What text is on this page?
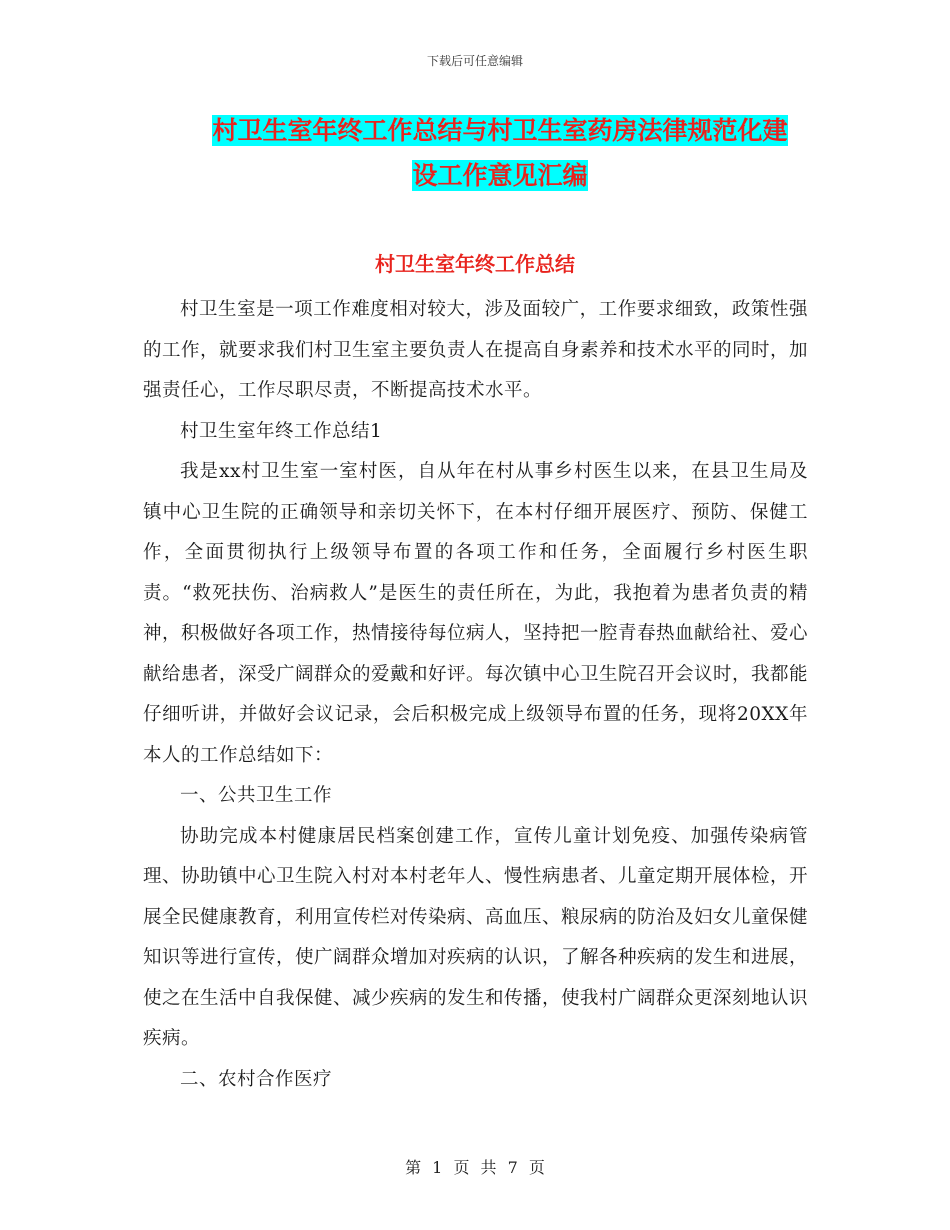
下载后可任意编辑
村卫生室年终工作总结与村卫生室药房法律规范化建
设工作意见汇编
村卫生室年终工作总结

村卫生室是一项工作难度相对较大，涉及面较广，工作要求细致，政策性强的工作，就要求我们村卫生室主要负责人在提高自身素养和技术水平的同时，加强责任心，工作尽职尽责，不断提高技术水平。

村卫生室年终工作总结1

我是xx村卫生室一室村医，自从年在村从事乡村医生以来，在县卫生局及镇中心卫生院的正确领导和亲切关怀下，在本村仔细开展医疗、预防、保健工作，全面贯彻执行上级领导布置的各项工作和任务，全面履行乡村医生职责。“救死扶伤、治病救人”是医生的责任所在，为此，我抱着为患者负责的精神，积极做好各项工作，热情接待每位病人，坚持把一腔青春热血献给社、爱心献给患者，深受广阔群众的爱戴和好评。每次镇中心卫生院召开会议时，我都能仔细听讲，并做好会议记录，会后积极完成上级领导布置的任务，现将20XX年本人的工作总结如下：

一、公共卫生工作

协助完成本村健康居民档案创建工作，宣传儿童计划免疫、加强传染病管理、协助镇中心卫生院入村对本村老年人、慢性病患者、儿童定期开展体检，开展全民健康教育，利用宣传栏对传染病、高血压、粮尿病的防治及妇女儿童保健知识等进行宣传，使广阔群众增加对疾病的认识，了解各种疾病的发生和进展，使之在生活中自我保健、减少疾病的发生和传播，使我村广阔群众更深刻地认识疾病。

二、农村合作医疗

第 1 页 共 7 页
